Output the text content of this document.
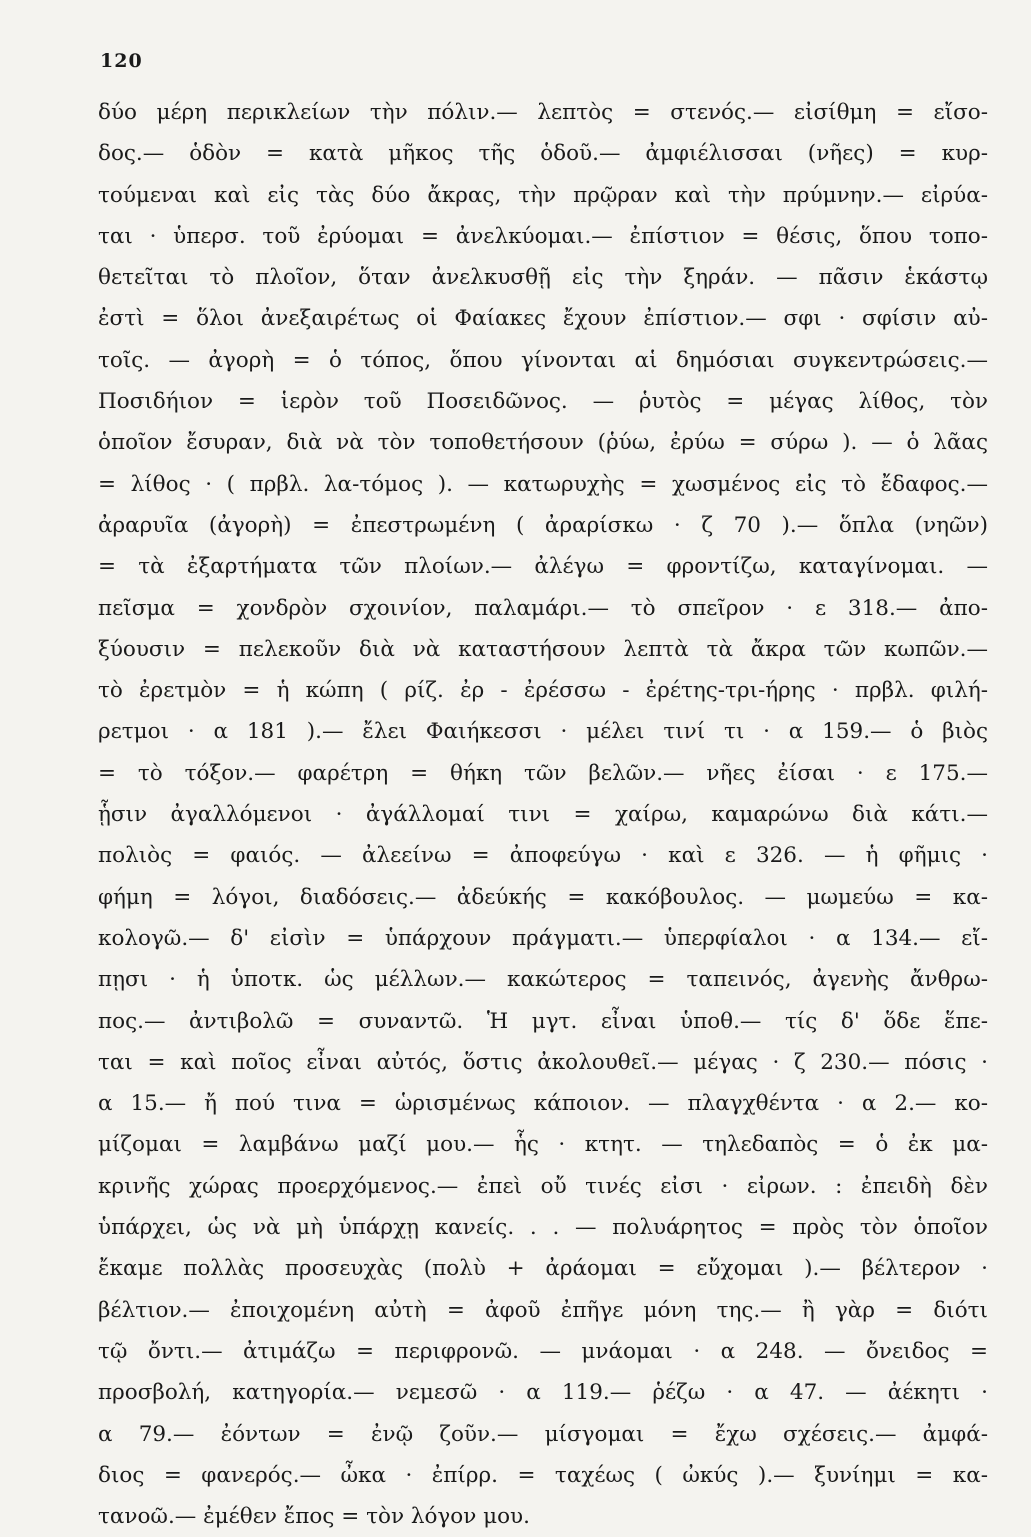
120
δύο μέρη περικλείων τὴν πόλιν.— λεπτὸς = στενός.— εἰσίθμη = εἴσο-
δος.— ὁδὸν = κατὰ μῆκος τῆς ὁδοῦ.— ἀμφιέλισσαι (νῆες) = κυρ-
τούμεναι καὶ εἰς τὰς δύο ἄκρας, τὴν πρῷραν καὶ τὴν πρύμνην.— εἰρύα-
ται · ὑπερσ. τοῦ ἐρύομαι = ἀνελκύομαι.— ἐπίστιον = θέσις, ὅπου τοπο-
θετεῖται τὸ πλοῖον, ὅταν ἀνελκυσθῇ εἰς τὴν ξηράν. — πᾶσιν ἑκάστῳ
ἐστὶ = ὅλοι ἀνεξαιρέτως οἱ Φαίακες ἔχουν ἐπίστιον.— σφι · σφίσιν αὐ-
τοῖς. — ἀγορὴ = ὁ τόπος, ὅπου γίνονται αἱ δημόσιαι συγκεντρώσεις.—
Ποσιδήιον = ἱερὸν τοῦ Ποσειδῶνος. — ῥυτὸς = μέγας λίθος, τὸν
ὁποῖον ἔσυραν, διὰ νὰ τὸν τοποθετήσουν (ῥύω, ἐρύω = σύρω ). — ὁ λᾶας
= λίθος · ( πρβλ. λα-τόμος ). — κατωρυχὴς = χωσμένος εἰς τὸ ἔδαφος.—
ἀραρυῖα (ἀγορὴ) = ἐπεστρωμένη ( ἀραρίσκω · ζ 70 ).— ὅπλα (νηῶν)
= τὰ ἐξαρτήματα τῶν πλοίων.— ἀλέγω = φροντίζω, καταγίνομαι. —
πεῖσμα = χονδρὸν σχοινίον, παλαμάρι.— τὸ σπεῖρον · ε 318.— ἀπο-
ξύουσιν = πελεκοῦν διὰ νὰ καταστήσουν λεπτὰ τὰ ἄκρα τῶν κωπῶν.—
τὸ ἐρετμὸν = ἡ κώπη ( ρίζ. ἐρ - ἐρέσσω - ἐρέτης-τρι-ήρης · πρβλ. φιλή-
ρετμοι · α 181 ).— ἔλει Φαιήκεσσι · μέλει τινί τι · α 159.— ὁ βιὸς
= τὸ τόξον.— φαρέτρη = θήκη τῶν βελῶν.— νῆες ἐίσαι · ε 175.—
ᾗσιν ἀγαλλόμενοι · ἀγάλλομαί τινι = χαίρω, καμαρώνω διὰ κάτι.—
πολιὸς = φαιός. — ἀλεείνω = ἀποφεύγω · καὶ ε 326. — ἡ φῆμις ·
φήμη = λόγοι, διαδόσεις.— ἀδεύκής = κακόβουλος. — μωμεύω = κα-
κολογῶ.— δ' εἰσὶν = ὑπάρχουν πράγματι.— ὑπερφίαλοι · α 134.— εἴ-
πῃσι · ἡ ὑποτκ. ὡς μέλλων.— κακώτερος = ταπεινός, ἀγενὴς ἄνθρω-
πος.— ἀντιβολῶ = συναντῶ. Ἡ μγτ. εἶναι ὑποθ.— τίς δ' ὅδε ἕπε-
ται = καὶ ποῖος εἶναι αὐτός, ὅστις ἀκολουθεῖ.— μέγας · ζ 230.— πόσις ·
α 15.— ἤ πού τινα = ὡρισμένως κάποιον. — πλαγχθέντα · α 2.— κο-
μίζομαι = λαμβάνω μαζί μου.— ἧς · κτητ. — τηλεδαπὸς = ὁ ἐκ μα-
κρινῆς χώρας προερχόμενος.— ἐπεὶ οὔ τινές εἰσι · εἰρων. : ἐπειδὴ δὲν
ὑπάρχει, ὡς νὰ μὴ ὑπάρχῃ κανείς. . . — πολυάρητος = πρὸς τὸν ὁποῖον
ἔκαμε πολλὰς προσευχὰς (πολὺ + ἀράομαι = εὔχομαι ).— βέλτερον ·
βέλτιον.— ἐποιχομένη αὐτὴ = ἀφοῦ ἐπῆγε μόνη της.— ἢ γὰρ = διότι
τῷ ὄντι.— ἀτιμάζω = περιφρονῶ. — μνάομαι · α 248. — ὄνειδος =
προσβολή, κατηγορία.— νεμεσῶ · α 119.— ῥέζω · α 47. — ἀέκητι ·
α 79.— ἐόντων = ἐνῷ ζοῦν.— μίσγομαι = ἔχω σχέσεις.— ἀμφά-
διος = φανερός.— ὦκα · ἐπίρρ. = ταχέως ( ὠκύς ).— ξυνίημι = κα-
τανοῶ.— ἐμέθεν ἔπος = τὸν λόγον μου.
